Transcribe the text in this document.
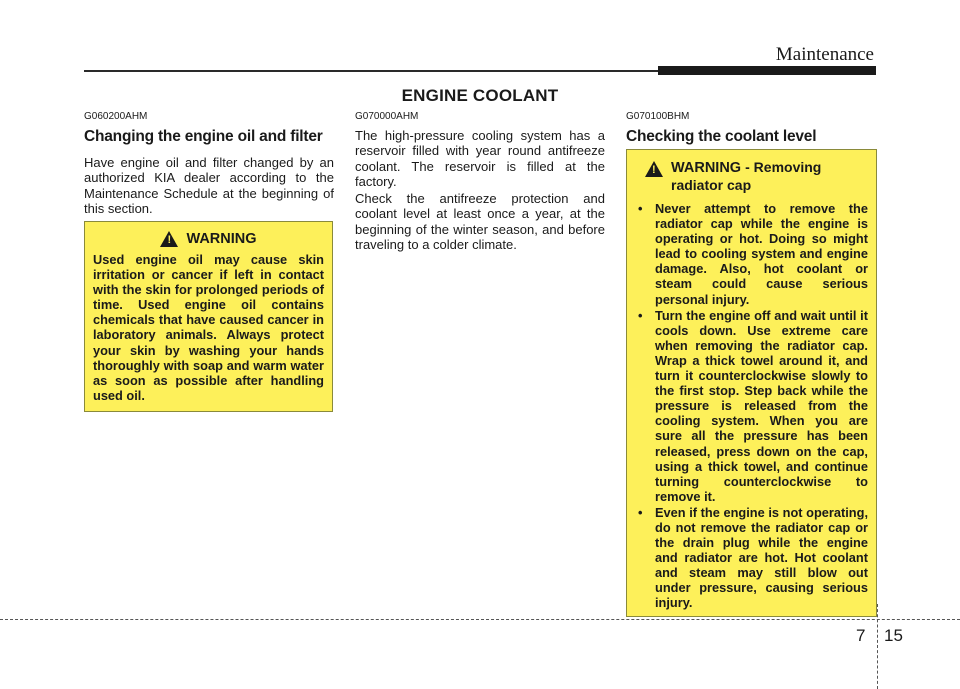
Maintenance
ENGINE COOLANT
G060200AHM
Changing the engine oil and filter
Have engine oil and filter changed by an authorized KIA dealer according to the Maintenance Schedule at the beginning of this section.
! WARNING
Used engine oil may cause skin irritation or cancer if left in contact with the skin for prolonged periods of time. Used engine oil contains chemicals that have caused cancer in laboratory animals. Always protect your skin by washing your hands thoroughly with soap and warm water as soon as possible after handling used oil.
G070000AHM
The high-pressure cooling system has a reservoir filled with year round antifreeze coolant. The reservoir is filled at the factory.
Check the antifreeze protection and coolant level at least once a year, at the beginning of the winter season, and before traveling to a colder climate.
G070100BHM
Checking the coolant level
! WARNING - Removing radiator cap
• Never attempt to remove the radiator cap while the engine is operating or hot. Doing so might lead to cooling system and engine damage. Also, hot coolant or steam could cause serious personal injury.
• Turn the engine off and wait until it cools down. Use extreme care when removing the radiator cap. Wrap a thick towel around it, and turn it counterclockwise slowly to the first stop. Step back while the pressure is released from the cooling system. When you are sure all the pressure has been released, press down on the cap, using a thick towel, and continue turning counterclockwise to remove it.
• Even if the engine is not operating, do not remove the radiator cap or the drain plug while the engine and radiator are hot. Hot coolant and steam may still blow out under pressure, causing serious injury.
7 15
